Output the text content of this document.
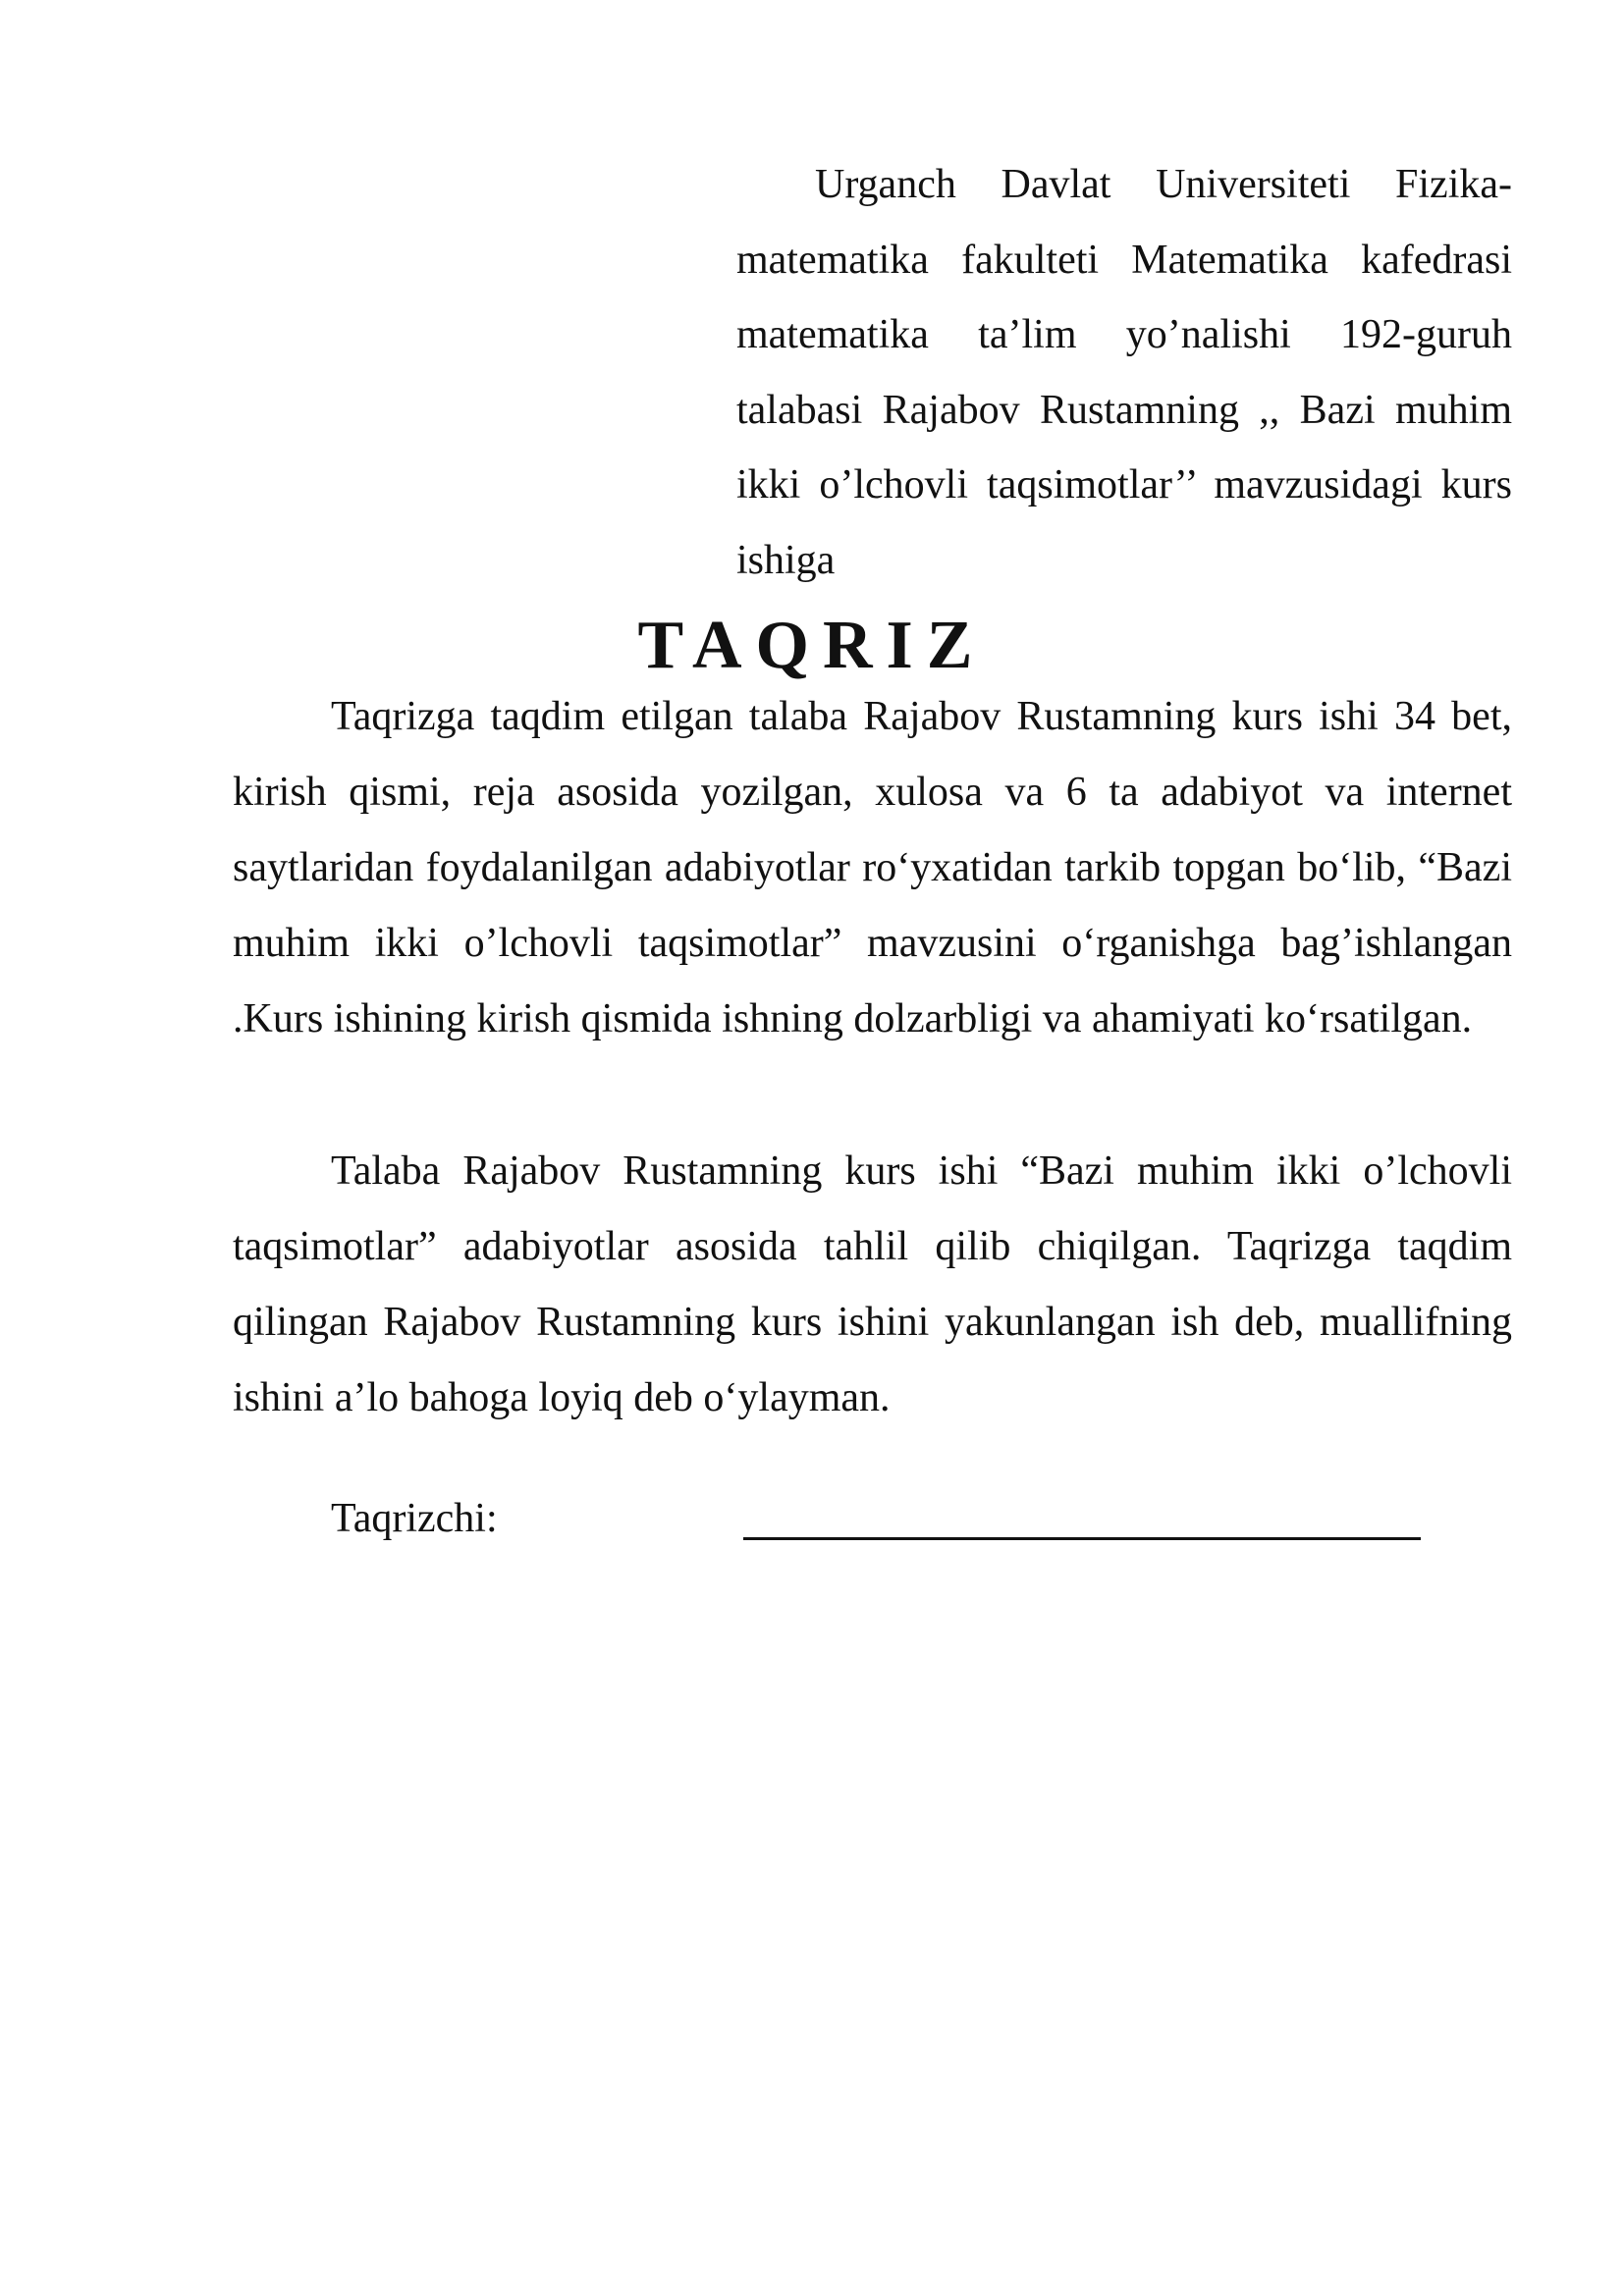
Urganch Davlat Universiteti Fizika-matematika fakulteti Matematika kafedrasi matematika ta’lim yo’nalishi 192-guruh talabasi Rajabov Rustamning ,, Bazi muhim ikki o’lchovli taqsimotlar’’ mavzusidagi kurs ishiga

TAQRIZ

Taqrizga taqdim etilgan talaba Rajabov Rustamning kurs ishi 34 bet, kirish qismi, reja asosida yozilgan, xulosa va 6 ta adabiyot va internet saytlaridan foydalanilgan adabiyotlar ro‘yxatidan tarkib topgan bo‘lib, “Bazi muhim ikki o’lchovli taqsimotlar” mavzusini o‘rganishga bag’ishlangan .Kurs ishining kirish qismida ishning dolzarbligi va ahamiyati ko‘rsatilgan.

Talaba Rajabov Rustamning kurs ishi “Bazi muhim ikki o’lchovli taqsimotlar” adabiyotlar asosida tahlil qilib chiqilgan. Taqrizga taqdim qilingan Rajabov Rustamning kurs ishini yakunlangan ish deb, muallifning ishini a’lo bahoga loyiq deb o‘ylayman.

Taqrizchi:
